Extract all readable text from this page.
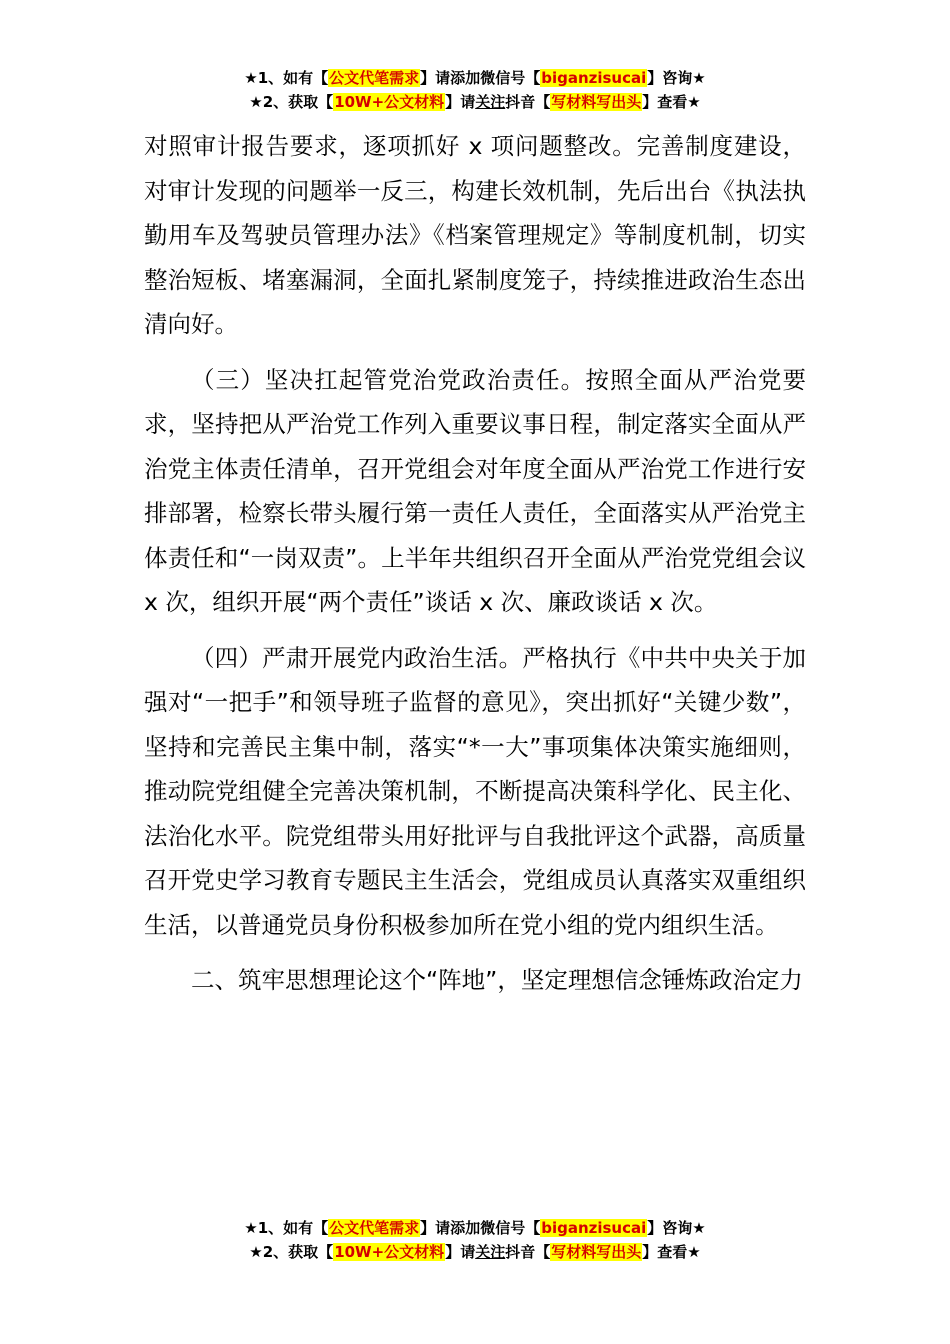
★1、如有【公文代笔需求】请添加微信号【biganzisucai】咨询★
★2、获取【10W+公文材料】请关注抖音【写材料写出头】查看★

对照审计报告要求，逐项抓好 x 项问题整改。完善制度建设，对审计发现的问题举一反三，构建长效机制，先后出台《执法执勤用车及驾驶员管理办法》《档案管理规定》等制度机制，切实整治短板、堵塞漏洞，全面扎紧制度笼子，持续推进政治生态出清向好。

（三）坚决扛起管党治党政治责任。按照全面从严治党要求，坚持把从严治党工作列入重要议事日程，制定落实全面从严治党主体责任清单，召开党组会对年度全面从严治党工作进行安排部署，检察长带头履行第一责任人责任，全面落实从严治党主体责任和“一岗双责”。上半年共组织召开全面从严治党党组会议 x 次，组织开展“两个责任”谈话 x 次、廉政谈话 x 次。

（四）严肃开展党内政治生活。严格执行《中共中央关于加强对“一把手”和领导班子监督的意见》，突出抓好“关键少数”，坚持和完善民主集中制，落实“*一大”事项集体决策实施细则，推动院党组健全完善决策机制，不断提高决策科学化、民主化、法治化水平。院党组带头用好批评与自我批评这个武器，高质量召开党史学习教育专题民主生活会，党组成员认真落实双重组织生活，以普通党员身份积极参加所在党小组的党内组织生活。

二、筑牢思想理论这个“阵地”，坚定理想信念锤炼政治定力

★1、如有【公文代笔需求】请添加微信号【biganzisucai】咨询★
★2、获取【10W+公文材料】请关注抖音【写材料写出头】查看★
